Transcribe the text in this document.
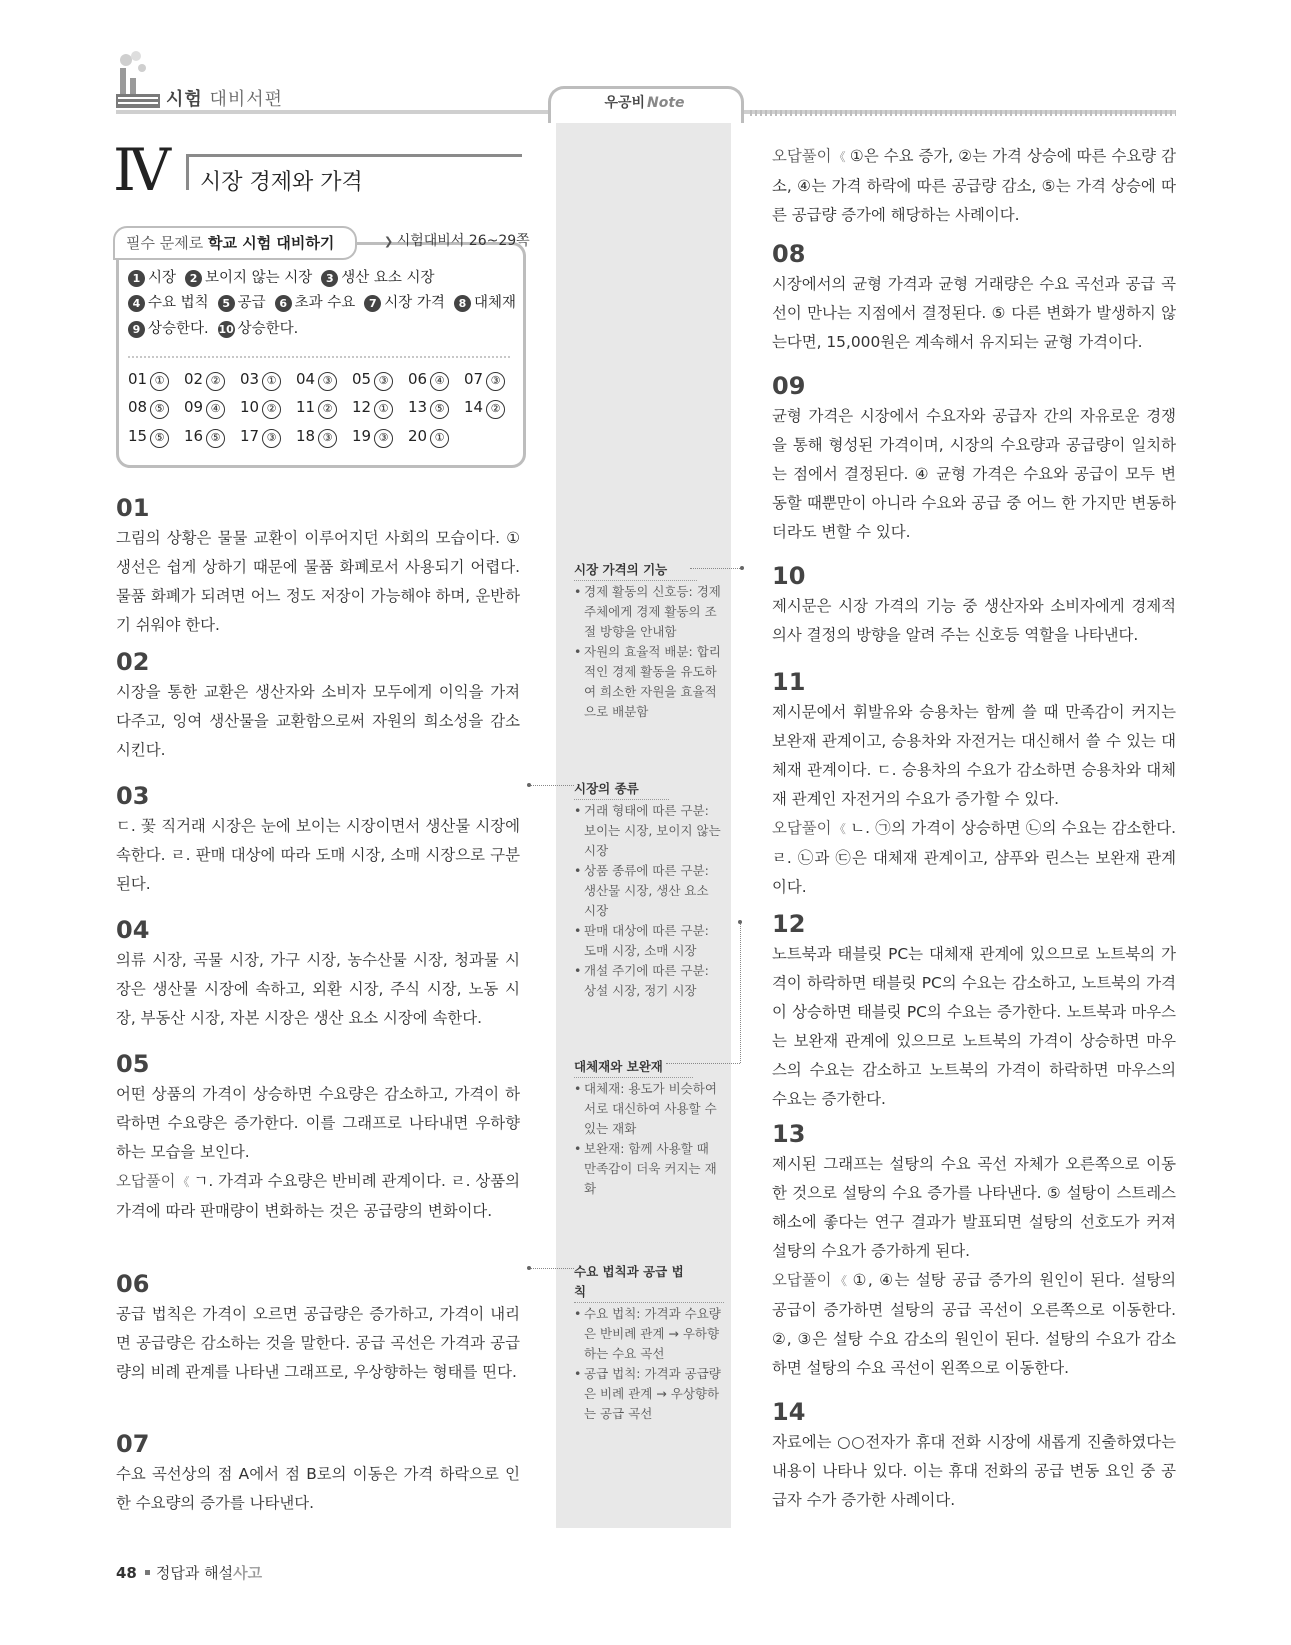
시험 대비서편	우공비 Note
Ⅳ 시장 경제와 가격
필수 문제로 학교 시험 대비하기
❯	시험대비서 26~29쪽
1 시장 2 보이지 않는 시장 3 생산 요소 시장
4 수요 법칙 5 공급 6 초과 수요 7 시장 가격 8 대체재
9 상승한다. 10 상승한다.
01 ① 02 ② 03 ① 04 ③ 05 ③ 06 ④ 07 ③
08 ⑤ 09 ④ 10 ② 11 ② 12 ① 13 ⑤ 14 ②
15 ⑤ 16 ⑤ 17 ③ 18 ③ 19 ③ 20 ①
01
그림의 상황은 물물 교환이 이루어지던 사회의 모습이다. ① 생선은 쉽게 상하기 때문에 물품 화폐로서 사용되기 어렵다. 물품 화폐가 되려면 어느 정도 저장이 가능해야 하며, 운반하기 쉬워야 한다.
02
시장을 통한 교환은 생산자와 소비자 모두에게 이익을 가져다주고, 잉여 생산물을 교환함으로써 자원의 희소성을 감소시킨다.
03
ㄷ. 꽃 직거래 시장은 눈에 보이는 시장이면서 생산물 시장에 속한다. ㄹ. 판매 대상에 따라 도매 시장, 소매 시장으로 구분된다.
04
의류 시장, 곡물 시장, 가구 시장, 농수산물 시장, 청과물 시장은 생산물 시장에 속하고, 외환 시장, 주식 시장, 노동 시장, 부동산 시장, 자본 시장은 생산 요소 시장에 속한다.
05
어떤 상품의 가격이 상승하면 수요량은 감소하고, 가격이 하락하면 수요량은 증가한다. 이를 그래프로 나타내면 우하향하는 모습을 보인다.
오답풀이 《 ㄱ. 가격과 수요량은 반비례 관계이다. ㄹ. 상품의 가격에 따라 판매량이 변화하는 것은 공급량의 변화이다.
06
공급 법칙은 가격이 오르면 공급량은 증가하고, 가격이 내리면 공급량은 감소하는 것을 말한다. 공급 곡선은 가격과 공급량의 비례 관계를 나타낸 그래프로, 우상향하는 형태를 띤다.
07
수요 곡선상의 점 A에서 점 B로의 이동은 가격 하락으로 인한 수요량의 증가를 나타낸다.
오답풀이 《 ①은 수요 증가, ②는 가격 상승에 따른 수요량 감소, ④는 가격 하락에 따른 공급량 감소, ⑤는 가격 상승에 따른 공급량 증가에 해당하는 사례이다.
08
시장에서의 균형 가격과 균형 거래량은 수요 곡선과 공급 곡선이 만나는 지점에서 결정된다. ⑤ 다른 변화가 발생하지 않는다면, 15,000원은 계속해서 유지되는 균형 가격이다.
09
균형 가격은 시장에서 수요자와 공급자 간의 자유로운 경쟁을 통해 형성된 가격이며, 시장의 수요량과 공급량이 일치하는 점에서 결정된다. ④ 균형 가격은 수요와 공급이 모두 변동할 때뿐만이 아니라 수요와 공급 중 어느 한 가지만 변동하더라도 변할 수 있다.
10
제시문은 시장 가격의 기능 중 생산자와 소비자에게 경제적 의사 결정의 방향을 알려 주는 신호등 역할을 나타낸다.
11
제시문에서 휘발유와 승용차는 함께 쓸 때 만족감이 커지는 보완재 관계이고, 승용차와 자전거는 대신해서 쓸 수 있는 대체재 관계이다. ㄷ. 승용차의 수요가 감소하면 승용차와 대체재 관계인 자전거의 수요가 증가할 수 있다.
오답풀이 《 ㄴ. ㉠의 가격이 상승하면 ㉡의 수요는 감소한다. ㄹ. ㉡과 ㉢은 대체재 관계이고, 샴푸와 린스는 보완재 관계이다.
12
노트북과 태블릿 PC는 대체재 관계에 있으므로 노트북의 가격이 하락하면 태블릿 PC의 수요는 감소하고, 노트북의 가격이 상승하면 태블릿 PC의 수요는 증가한다. 노트북과 마우스는 보완재 관계에 있으므로 노트북의 가격이 상승하면 마우스의 수요는 감소하고 노트북의 가격이 하락하면 마우스의 수요는 증가한다.
13
제시된 그래프는 설탕의 수요 곡선 자체가 오른쪽으로 이동한 것으로 설탕의 수요 증가를 나타낸다. ⑤ 설탕이 스트레스 해소에 좋다는 연구 결과가 발표되면 설탕의 선호도가 커져 설탕의 수요가 증가하게 된다.
오답풀이 《 ①, ④는 설탕 공급 증가의 원인이 된다. 설탕의 공급이 증가하면 설탕의 공급 곡선이 오른쪽으로 이동한다. ②, ③은 설탕 수요 감소의 원인이 된다. 설탕의 수요가 감소하면 설탕의 수요 곡선이 왼쪽으로 이동한다.
14
자료에는 ○○전자가 휴대 전화 시장에 새롭게 진출하였다는 내용이 나타나 있다. 이는 휴대 전화의 공급 변동 요인 중 공급자 수가 증가한 사례이다.
시장 가격의 기능
• 경제 활동의 신호등: 경제 주체에게 경제 활동의 조절 방향을 안내함
• 자원의 효율적 배분: 합리적인 경제 활동을 유도하여 희소한 자원을 효율적으로 배분함
시장의 종류
• 거래 형태에 따른 구분: 보이는 시장, 보이지 않는 시장
• 상품 종류에 따른 구분: 생산물 시장, 생산 요소 시장
• 판매 대상에 따른 구분: 도매 시장, 소매 시장
• 개설 주기에 따른 구분: 상설 시장, 정기 시장
대체재와 보완재
• 대체재: 용도가 비슷하여 서로 대신하여 사용할 수 있는 재화
• 보완재: 함께 사용할 때 만족감이 더욱 커지는 재화
수요 법칙과 공급 법칙
• 수요 법칙: 가격과 수요량은 반비례 관계 → 우하향하는 수요 곡선
• 공급 법칙: 가격과 공급량은 비례 관계 → 우상향하는 공급 곡선
48 정답과 해설사고
